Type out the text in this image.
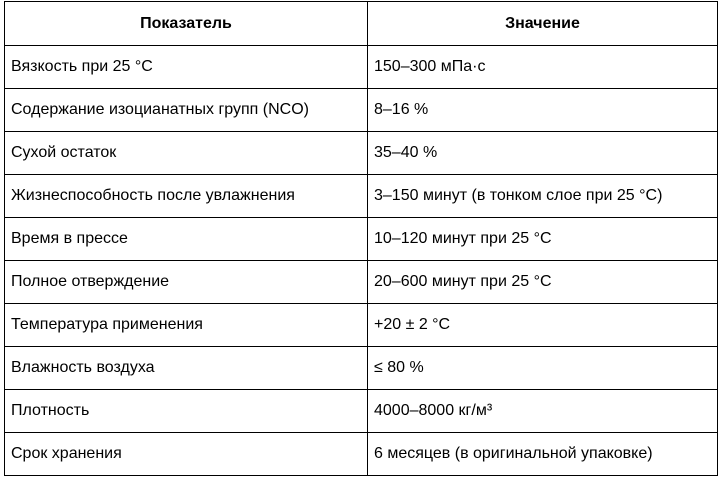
Показатель	Значение
Вязкость при 25 °C	150–300 мПа·с
Содержание изоцианатных групп (NCO)	8–16 %
Сухой остаток	35–40 %
Жизнеспособность после увлажнения	3–150 минут (в тонком слое при 25 °C)
Время в прессе	10–120 минут при 25 °C
Полное отверждение	20–600 минут при 25 °C
Температура применения	+20 ± 2 °C
Влажность воздуха	≤ 80 %
Плотность	4000–8000 кг/м³
Срок хранения	6 месяцев (в оригинальной упаковке)
